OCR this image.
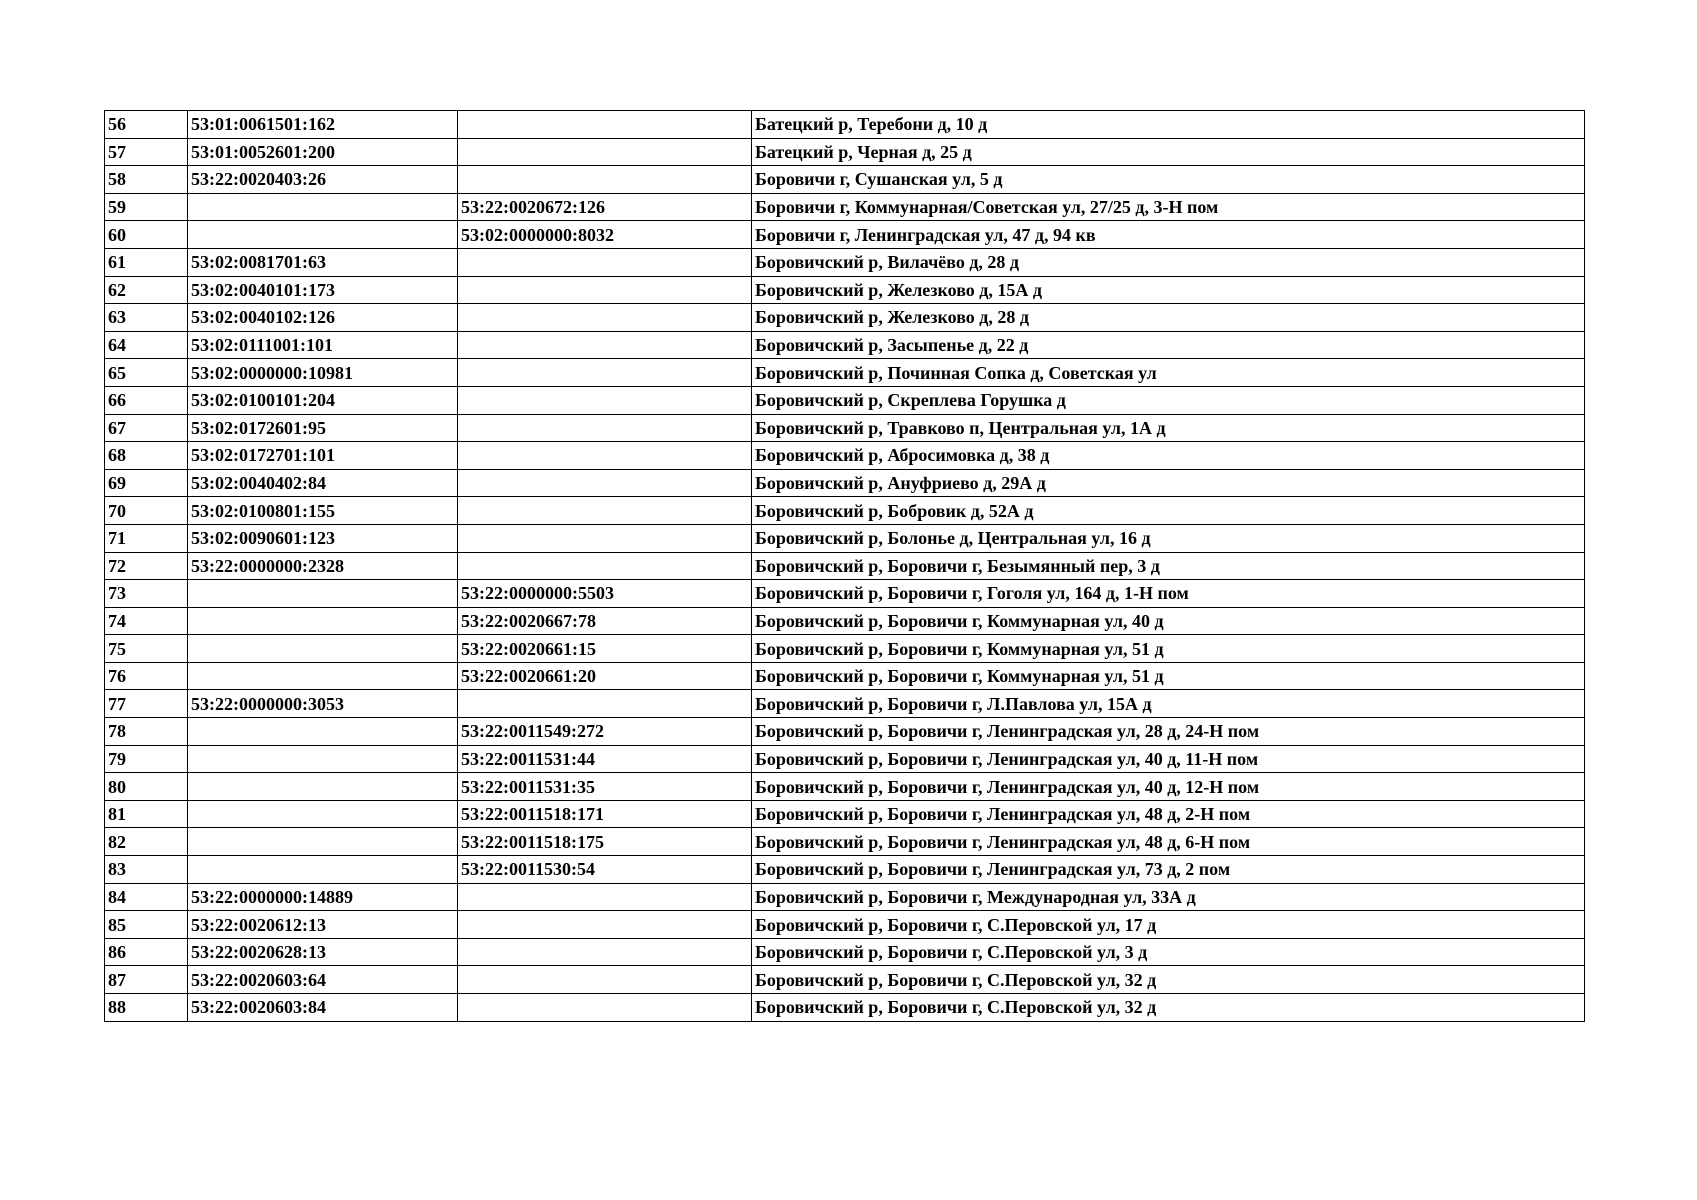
56	53:01:0061501:162		Батецкий р, Теребони д, 10 д
57	53:01:0052601:200		Батецкий р, Черная д, 25 д
58	53:22:0020403:26		Боровичи г, Сушанская ул, 5 д
59		53:22:0020672:126	Боровичи г, Коммунарная/Советская ул, 27/25 д, 3-Н пом
60		53:02:0000000:8032	Боровичи г, Ленинградская ул, 47 д, 94 кв
61	53:02:0081701:63		Боровичский р, Вилачёво д, 28 д
62	53:02:0040101:173		Боровичский р, Железково д, 15А д
63	53:02:0040102:126		Боровичский р, Железково д, 28 д
64	53:02:0111001:101		Боровичский р, Засыпенье д, 22 д
65	53:02:0000000:10981		Боровичский р, Починная Сопка д, Советская ул
66	53:02:0100101:204		Боровичский р, Скреплева Горушка д
67	53:02:0172601:95		Боровичский р, Травково п, Центральная ул, 1А д
68	53:02:0172701:101		Боровичский р, Абросимовка д, 38 д
69	53:02:0040402:84		Боровичский р, Ануфриево д, 29А д
70	53:02:0100801:155		Боровичский р, Бобровик д, 52А д
71	53:02:0090601:123		Боровичский р, Болонье д, Центральная ул, 16 д
72	53:22:0000000:2328		Боровичский р, Боровичи г, Безымянный пер, 3 д
73		53:22:0000000:5503	Боровичский р, Боровичи г, Гоголя ул, 164 д, 1-Н пом
74		53:22:0020667:78	Боровичский р, Боровичи г, Коммунарная ул, 40 д
75		53:22:0020661:15	Боровичский р, Боровичи г, Коммунарная ул, 51 д
76		53:22:0020661:20	Боровичский р, Боровичи г, Коммунарная ул, 51 д
77	53:22:0000000:3053		Боровичский р, Боровичи г, Л.Павлова ул, 15А д
78		53:22:0011549:272	Боровичский р, Боровичи г, Ленинградская ул, 28 д, 24-Н пом
79		53:22:0011531:44	Боровичский р, Боровичи г, Ленинградская ул, 40 д, 11-Н пом
80		53:22:0011531:35	Боровичский р, Боровичи г, Ленинградская ул, 40 д, 12-Н пом
81		53:22:0011518:171	Боровичский р, Боровичи г, Ленинградская ул, 48 д, 2-Н пом
82		53:22:0011518:175	Боровичский р, Боровичи г, Ленинградская ул, 48 д, 6-Н пом
83		53:22:0011530:54	Боровичский р, Боровичи г, Ленинградская ул, 73 д, 2 пом
84	53:22:0000000:14889		Боровичский р, Боровичи г, Международная ул, 33А д
85	53:22:0020612:13		Боровичский р, Боровичи г, С.Перовской ул, 17 д
86	53:22:0020628:13		Боровичский р, Боровичи г, С.Перовской ул, 3 д
87	53:22:0020603:64		Боровичский р, Боровичи г, С.Перовской ул, 32 д
88	53:22:0020603:84		Боровичский р, Боровичи г, С.Перовской ул, 32 д
